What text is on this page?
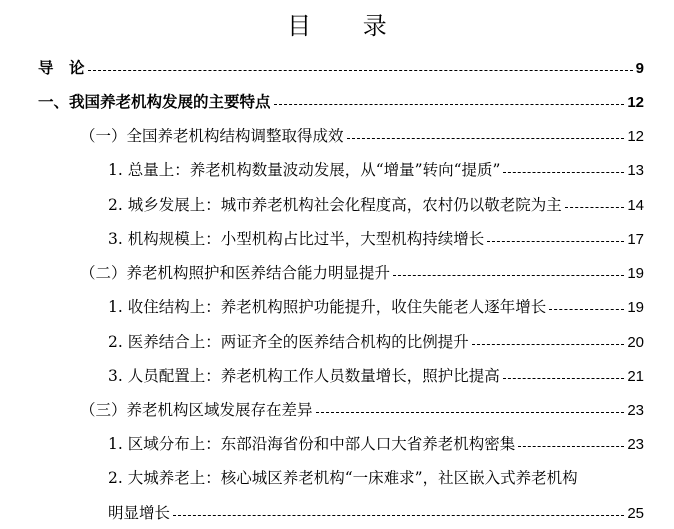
目 录
导　论	9
一、我国养老机构发展的主要特点	12
（一）全国养老机构结构调整取得成效	12
1. 总量上：养老机构数量波动发展，从“增量”转向“提质”	13
2. 城乡发展上：城市养老机构社会化程度高，农村仍以敬老院为主	14
3. 机构规模上：小型机构占比过半，大型机构持续增长	17
（二）养老机构照护和医养结合能力明显提升	19
1. 收住结构上：养老机构照护功能提升，收住失能老人逐年增长	19
2. 医养结合上：两证齐全的医养结合机构的比例提升	20
3. 人员配置上：养老机构工作人员数量增长，照护比提高	21
（三）养老机构区域发展存在差异	23
1. 区域分布上：东部沿海省份和中部人口大省养老机构密集	23
2. 大城养老上：核心城区养老机构“一床难求”，社区嵌入式养老机构
明显增长	25
